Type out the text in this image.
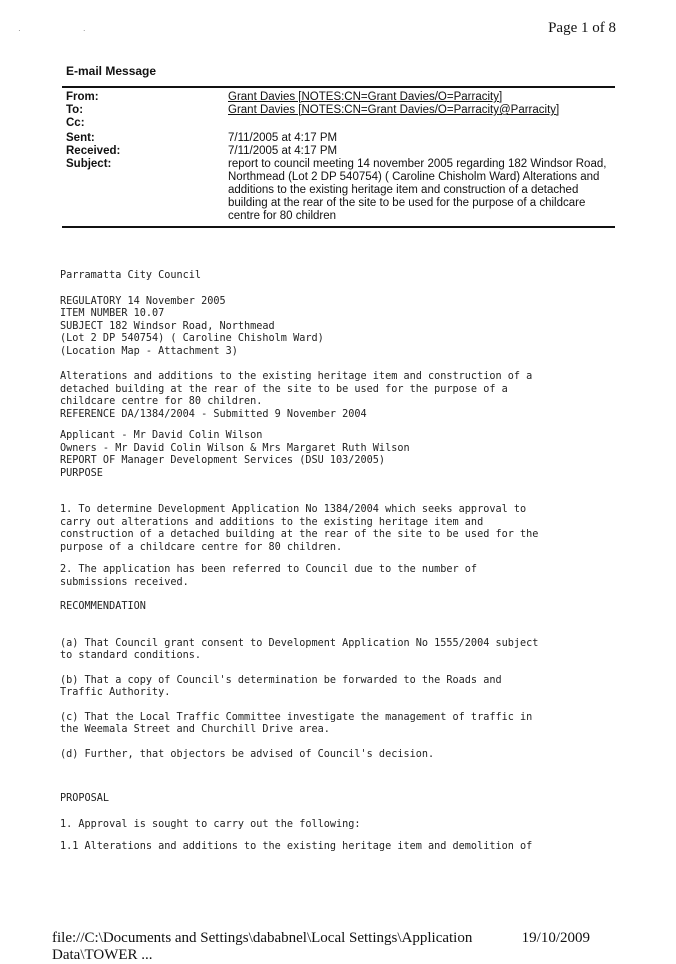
· ·	Page 1 of 8
E-mail Message
From:	Grant Davies [NOTES:CN=Grant Davies/O=Parracity]
To:	Grant Davies [NOTES:CN=Grant Davies/O=Parracity@Parracity]
Cc:
Sent:	7/11/2005 at 4:17 PM
Received:	7/11/2005 at 4:17 PM
Subject:	report to council meeting 14 november 2005 regarding 182 Windsor Road, Northmead (Lot 2 DP 540754) ( Caroline Chisholm Ward) Alterations and additions to the existing heritage item and construction of a detached building at the rear of the site to be used for the purpose of a childcare centre for 80 children

Parramatta City Council

REGULATORY 14 November 2005
ITEM NUMBER 10.07
SUBJECT 182 Windsor Road, Northmead
(Lot 2 DP 540754) ( Caroline Chisholm Ward)
(Location Map - Attachment 3)

Alterations and additions to the existing heritage item and construction of a
detached building at the rear of the site to be used for the purpose of a
childcare centre for 80 children.
REFERENCE DA/1384/2004 - Submitted 9 November 2004

Applicant - Mr David Colin Wilson
Owners - Mr David Colin Wilson & Mrs Margaret Ruth Wilson
REPORT OF Manager Development Services (DSU 103/2005)
PURPOSE

1. To determine Development Application No 1384/2004 which seeks approval to
carry out alterations and additions to the existing heritage item and
construction of a detached building at the rear of the site to be used for the
purpose of a childcare centre for 80 children.

2. The application has been referred to Council due to the number of
submissions received.

RECOMMENDATION

(a) That Council grant consent to Development Application No 1555/2004 subject
to standard conditions.

(b) That a copy of Council's determination be forwarded to the Roads and
Traffic Authority.

(c) That the Local Traffic Committee investigate the management of traffic in
the Weemala Street and Churchill Drive area.

(d) Further, that objectors be advised of Council's decision.

PROPOSAL

1. Approval is sought to carry out the following:

1.1 Alterations and additions to the existing heritage item and demolition of

file://C:\Documents and Settings\dababnel\Local Settings\Application Data\TOWER ...
19/10/2009
